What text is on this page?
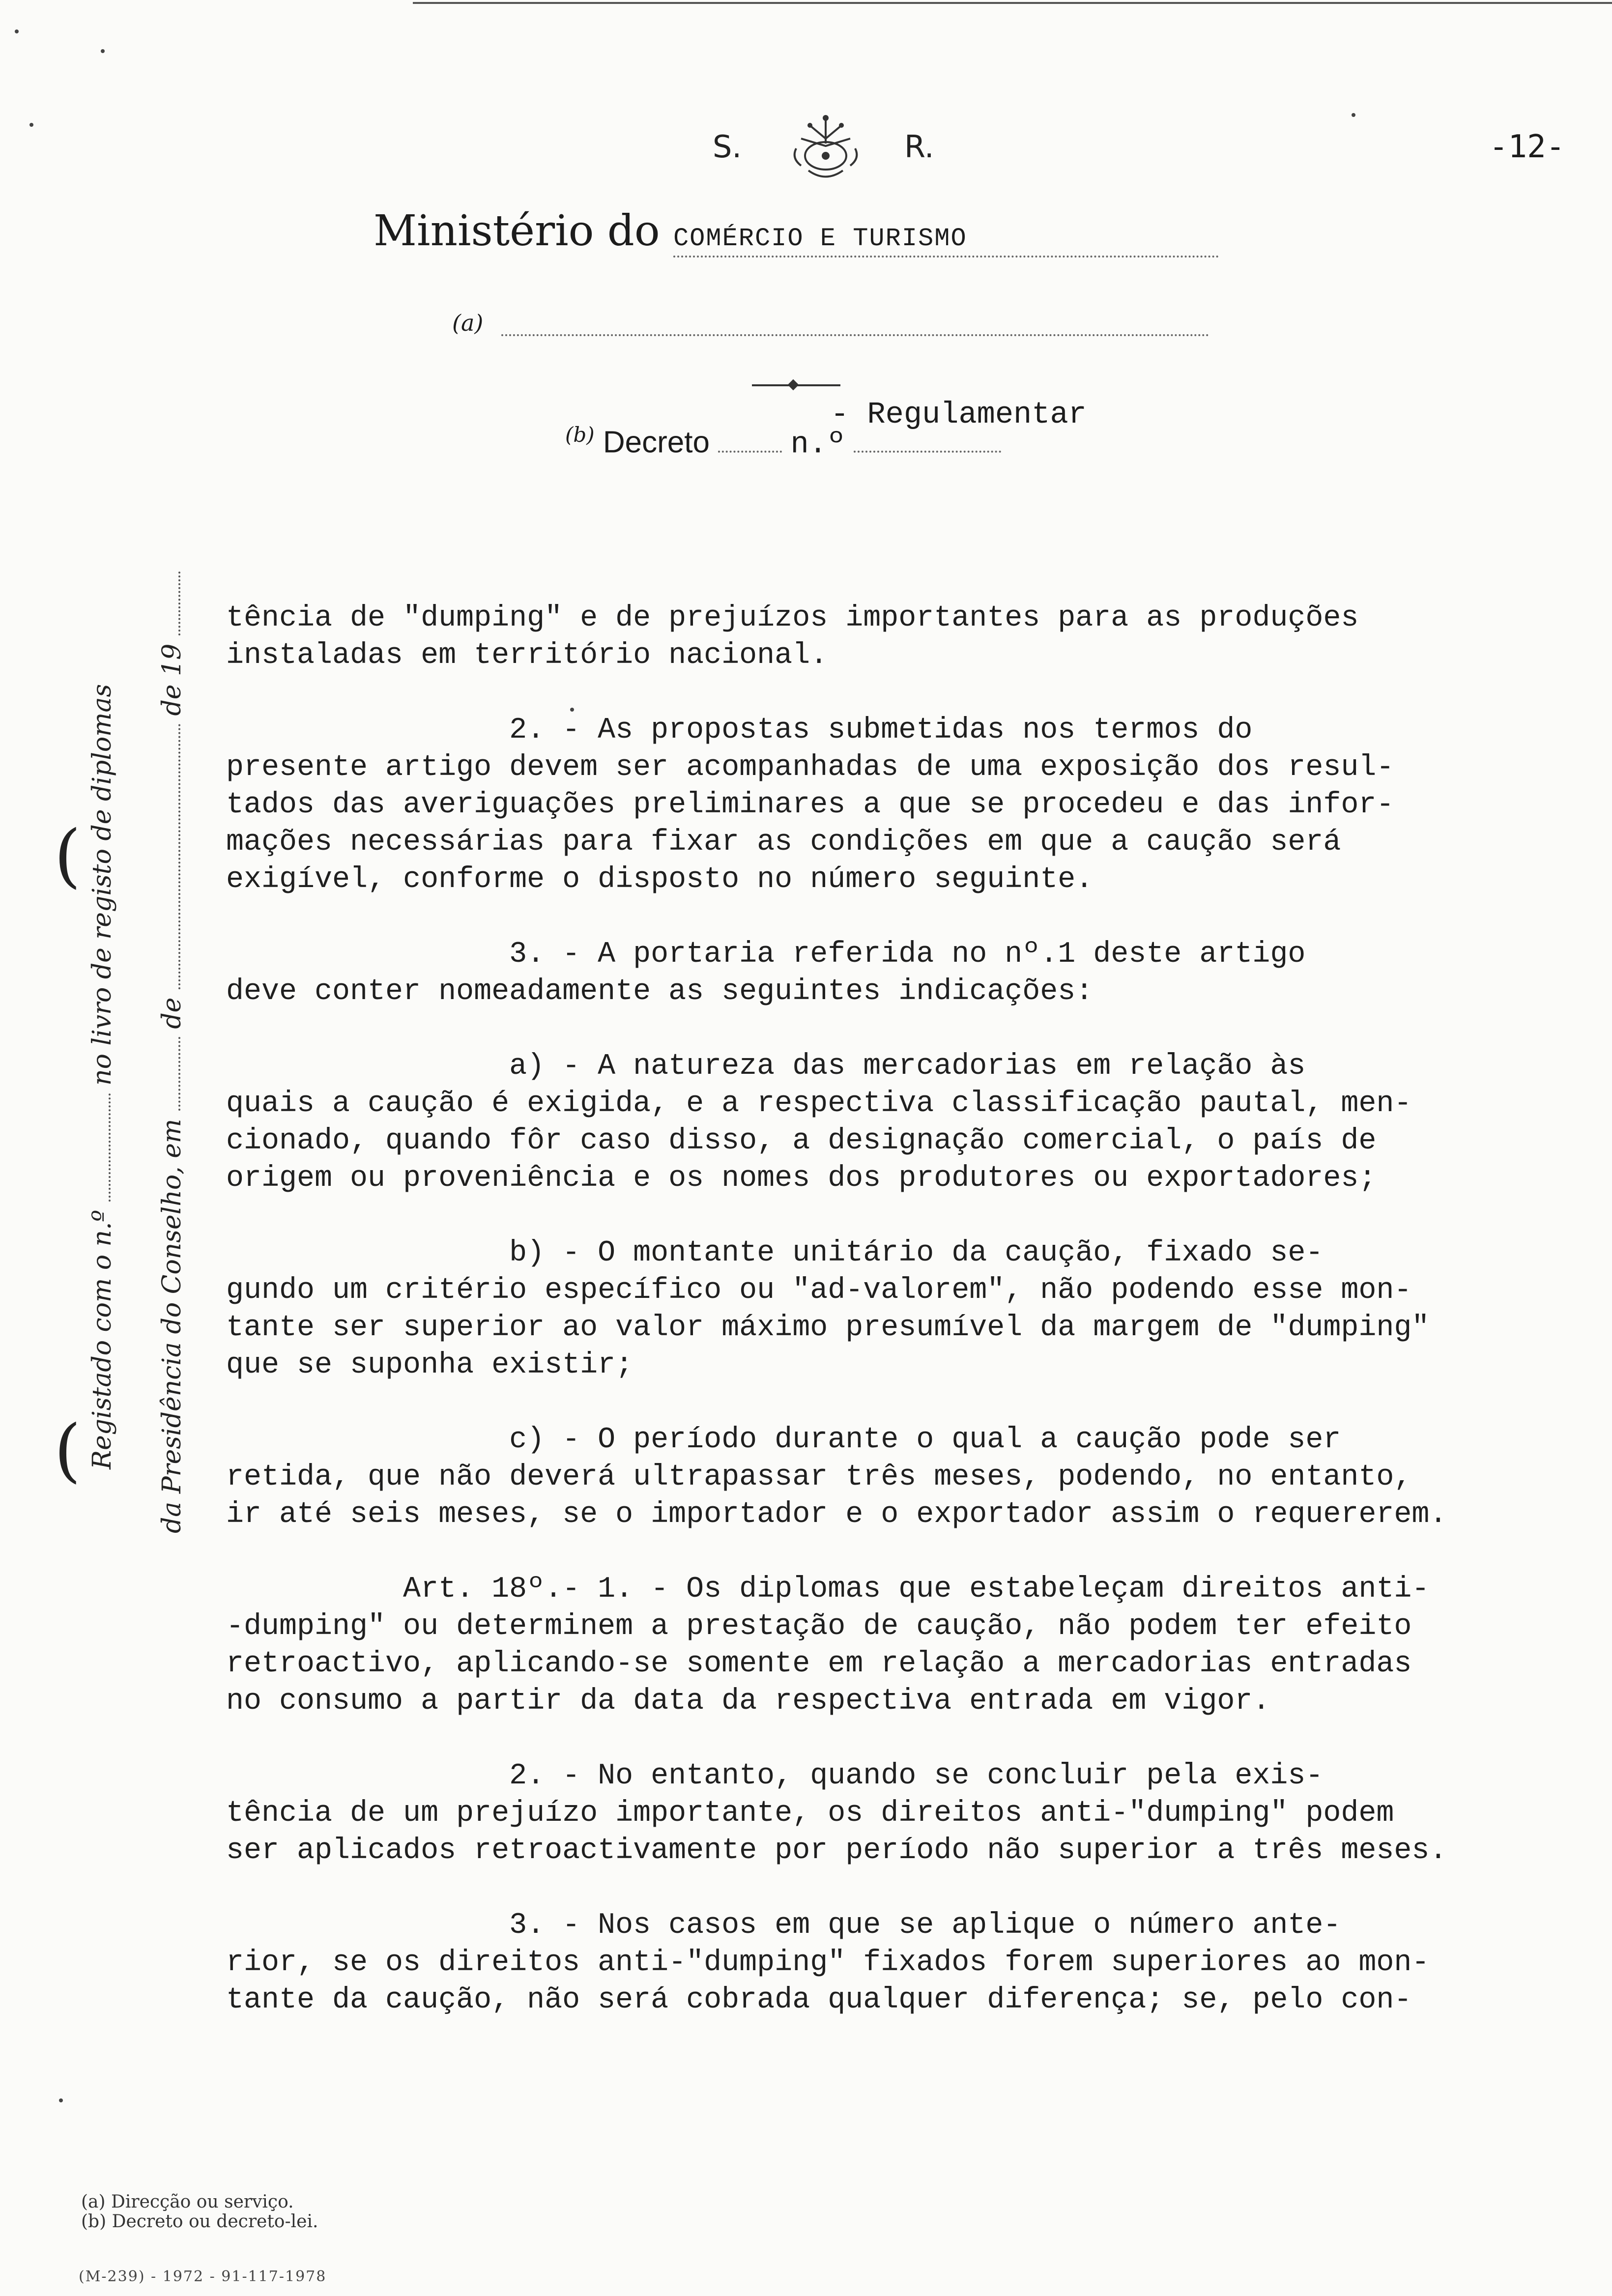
S.	R.	-12-
Ministério do COMÉRCIO E TURISMO
(a)
- Regulamentar
$^{(b)}$ Decreto	n.º
(
( Registado com o n.º  no livro de registo de diplomas
da Presidência do Conselho, em  de  de 19

tência de "dumping" e de prejuízos importantes para as produções

instaladas em território nacional.

2. - As propostas submetidas nos termos do

presente artigo devem ser acompanhadas de uma exposição dos resul-

tados das averiguações preliminares a que se procedeu e das infor-

mações necessárias para fixar as condições em que a caução será

exigível, conforme o disposto no número seguinte.

3. - A portaria referida no nº.1 deste artigo

deve conter nomeadamente as seguintes indicações:

a) - A natureza das mercadorias em relação às

quais a caução é exigida, e a respectiva classificação pautal, men-

cionado, quando fôr caso disso, a designação comercial, o país de

origem ou proveniência e os nomes dos produtores ou exportadores;

b) - O montante unitário da caução, fixado se-

gundo um critério específico ou "ad-valorem", não podendo esse mon-

tante ser superior ao valor máximo presumível da margem de "dumping"

que se suponha existir;

c) - O período durante o qual a caução pode ser

retida, que não deverá ultrapassar três meses, podendo, no entanto,

ir até seis meses, se o importador e o exportador assim o requererem.

Art. 18º.- 1. - Os diplomas que estabeleçam direitos anti-

-dumping" ou determinem a prestação de caução, não podem ter efeito

retroactivo, aplicando-se somente em relação a mercadorias entradas

no consumo a partir da data da respectiva entrada em vigor.

2. - No entanto, quando se concluir pela exis-

tência de um prejuízo importante, os direitos anti-"dumping" podem

ser aplicados retroactivamente por período não superior a três meses.

3. - Nos casos em que se aplique o número ante-

rior, se os direitos anti-"dumping" fixados forem superiores ao mon-

tante da caução, não será cobrada qualquer diferença; se, pelo con-

(a) Direcção ou serviço.
(b) Decreto ou decreto-lei.
(M-239) - 1972 - 91-117-1978
